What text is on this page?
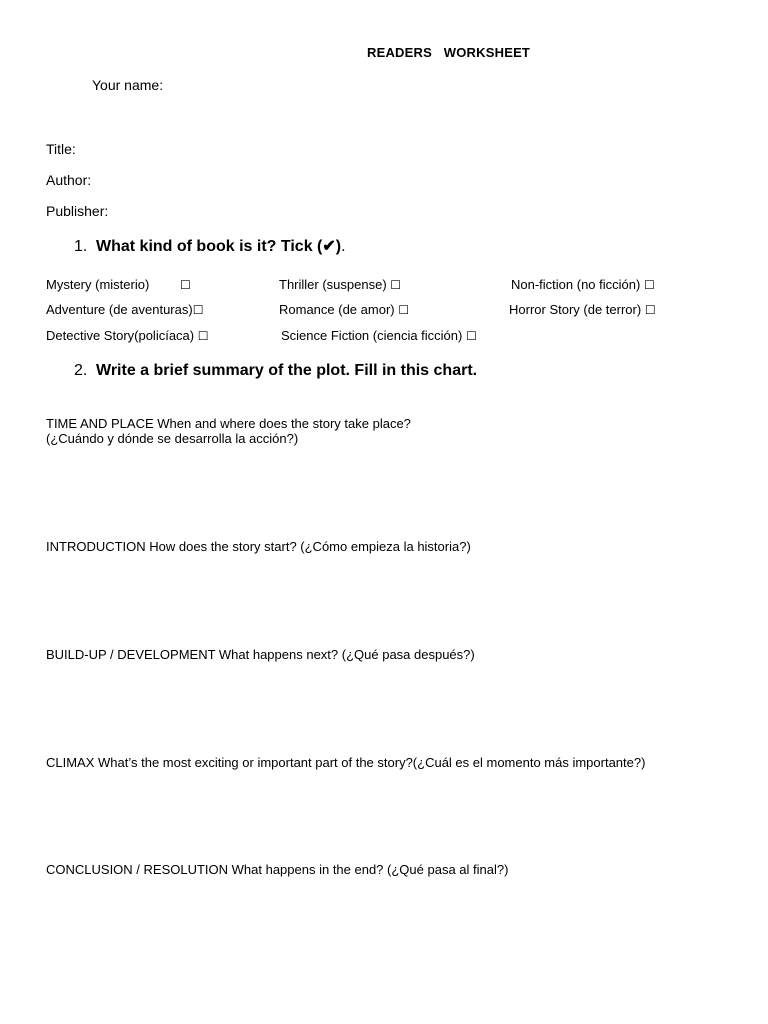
READERS WORKSHEET
Your name:
Title:
Author:
Publisher:
1. What kind of book is it? Tick (✔).
Mystery (misterio)	☐	Thriller (suspense) ☐	Non-fiction (no ficción) ☐
Adventure (de aventuras)☐	Romance (de amor) ☐	Horror Story (de terror) ☐
Detective Story(policíaca) ☐	Science Fiction (ciencia ficción) ☐
2. Write a brief summary of the plot. Fill in this chart.
TIME AND PLACE When and where does the story take place?
(¿Cuándo y dónde se desarrolla la acción?)
INTRODUCTION How does the story start? (¿Cómo empieza la historia?)
BUILD-UP / DEVELOPMENT What happens next? (¿Qué pasa después?)
CLIMAX What’s the most exciting or important part of the story?(¿Cuál es el momento más importante?)
CONCLUSION / RESOLUTION What happens in the end? (¿Qué pasa al final?)
